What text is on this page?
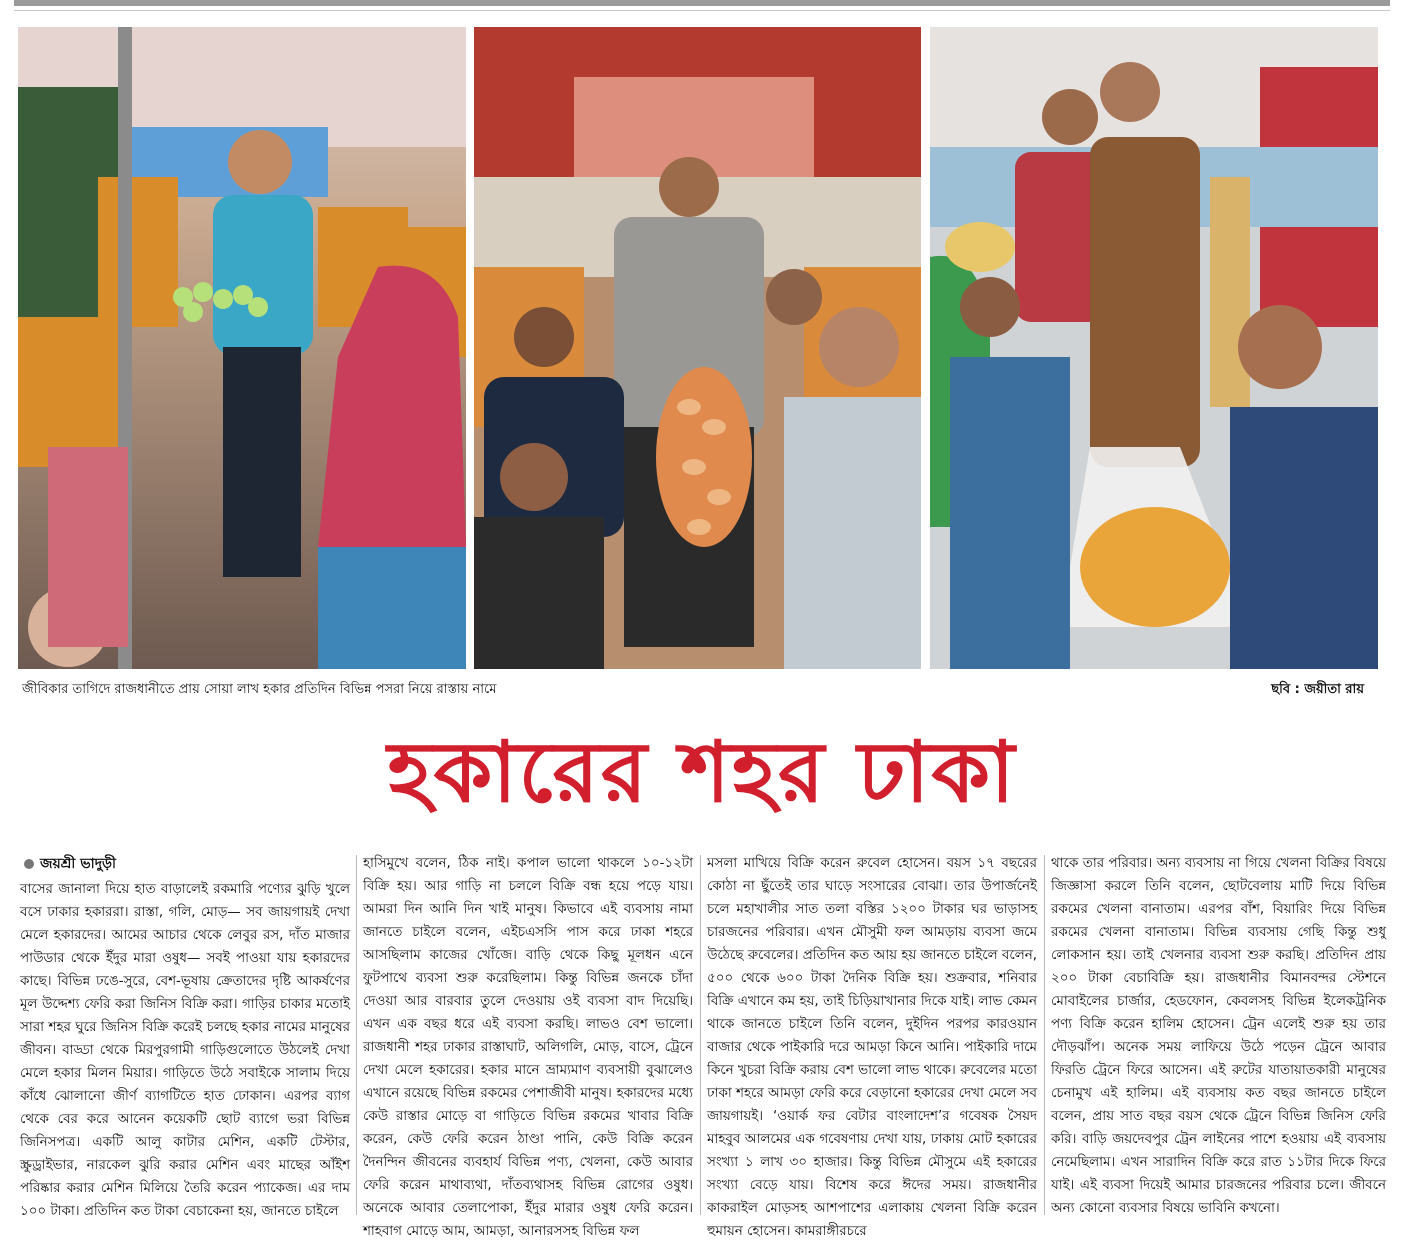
জীবিকার তাগিদে রাজধানীতে প্রায় সোয়া লাখ হকার প্রতিদিন বিভিন্ন পসরা নিয়ে রাস্তায় নামে	ছবি : জয়ীতা রায়
হকারের শহর ঢাকা
জয়শ্রী ভাদুড়ী
বাসের জানালা দিয়ে হাত বাড়ালেই রকমারি পণ্যের ঝুড়ি খুলে বসে ঢাকার হকাররা। রাস্তা, গলি, মোড়— সব জায়গায়ই দেখা মেলে হকারদের। আমের আচার থেকে লেবুর রস, দাঁত মাজার পাউডার থেকে ইঁদুর মারা ওষুধ— সবই পাওয়া যায় হকারদের কাছে। বিভিন্ন ঢঙে-সুরে, বেশ-ভূষায় ক্রেতাদের দৃষ্টি আকর্ষণের মূল উদ্দেশ্য ফেরি করা জিনিস বিক্রি করা। গাড়ির চাকার মতোই সারা শহর ঘুরে জিনিস বিক্রি করেই চলছে হকার নামের মানুষের জীবন। বাড্ডা থেকে মিরপুরগামী গাড়িগুলোতে উঠলেই দেখা মেলে হকার মিলন মিয়ার। গাড়িতে উঠে সবাইকে সালাম দিয়ে কাঁধে ঝোলানো জীর্ণ ব্যাগটিতে হাত ঢোকান। এরপর ব্যাগ থেকে বের করে আনেন কয়েকটি ছোট ব্যাগে ভরা বিভিন্ন জিনিসপত্র। একটি আলু কাটার মেশিন, একটি টেস্টার, স্ক্রুড্রাইভার, নারকেল ঝুরি করার মেশিন এবং মাছের আঁইশ পরিষ্কার করার মেশিন মিলিয়ে তৈরি করেন প্যাকেজ। এর দাম ১০০ টাকা। প্রতিদিন কত টাকা বেচাকেনা হয়, জানতে চাইলে
হাসিমুখে বলেন, ঠিক নাই। কপাল ভালো থাকলে ১০-১২টা বিক্রি হয়। আর গাড়ি না চললে বিক্রি বন্ধ হয়ে পড়ে যায়। আমরা দিন আনি দিন খাই মানুষ। কিভাবে এই ব্যবসায় নামা জানতে চাইলে বলেন, এইচএসসি পাস করে ঢাকা শহরে আসছিলাম কাজের খোঁজে। বাড়ি থেকে কিছু মূলধন এনে ফুটপাথে ব্যবসা শুরু করেছিলাম। কিন্তু বিভিন্ন জনকে চাঁদা দেওয়া আর বারবার তুলে দেওয়ায় ওই ব্যবসা বাদ দিয়েছি। এখন এক বছর ধরে এই ব্যবসা করছি। লাভও বেশ ভালো। রাজধানী শহর ঢাকার রাস্তাঘাট, অলিগলি, মোড়, বাসে, ট্রেনে দেখা মেলে হকারের। হকার মানে ভ্রাম্যমাণ ব্যবসায়ী বুঝালেও এখানে রয়েছে বিভিন্ন রকমের পেশাজীবী মানুষ। হকারদের মধ্যে কেউ রাস্তার মোড়ে বা গাড়িতে বিভিন্ন রকমের খাবার বিক্রি করেন, কেউ ফেরি করেন ঠাণ্ডা পানি, কেউ বিক্রি করেন দৈনন্দিন জীবনের ব্যবহার্য বিভিন্ন পণ্য, খেলনা, কেউ আবার ফেরি করেন মাথাব্যথা, দাঁতব্যথাসহ বিভিন্ন রোগের ওষুধ। অনেকে আবার তেলাপোকা, ইঁদুর মারার ওষুধ ফেরি করেন। শাহবাগ মোড়ে আম, আমড়া, আনারসসহ বিভিন্ন ফল
মসলা মাখিয়ে বিক্রি করেন রুবেল হোসেন। বয়স ১৭ বছরের কোঠা না ছুঁতেই তার ঘাড়ে সংসারের বোঝা। তার উপার্জনেই চলে মহাখালীর সাত তলা বস্তির ১২০০ টাকার ঘর ভাড়াসহ চারজনের পরিবার। এখন মৌসুমী ফল আমড়ায় ব্যবসা জমে উঠেছে রুবেলের। প্রতিদিন কত আয় হয় জানতে চাইলে বলেন, ৫০০ থেকে ৬০০ টাকা দৈনিক বিক্রি হয়। শুক্রবার, শনিবার বিক্রি এখানে কম হয়, তাই চিড়িয়াখানার দিকে যাই। লাভ কেমন থাকে জানতে চাইলে তিনি বলেন, দুইদিন পরপর কারওয়ান বাজার থেকে পাইকারি দরে আমড়া কিনে আনি। পাইকারি দামে কিনে খুচরা বিক্রি করায় বেশ ভালো লাভ থাকে। রুবেলের মতো ঢাকা শহরে আমড়া ফেরি করে বেড়ানো হকারের দেখা মেলে সব জায়গায়ই। ‘ওয়ার্ক ফর বেটার বাংলাদেশ’র গবেষক সৈয়দ মাহবুব আলমের এক গবেষণায় দেখা যায়, ঢাকায় মোট হকারের সংখ্যা ১ লাখ ৩০ হাজার। কিন্তু বিভিন্ন মৌসুমে এই হকারের সংখ্যা বেড়ে যায়। বিশেষ করে ঈদের সময়। রাজধানীর কাকরাইল মোড়সহ আশপাশের এলাকায় খেলনা বিক্রি করেন হুমায়ন হোসেন। কামরাঙ্গীরচরে
থাকে তার পরিবার। অন্য ব্যবসায় না গিয়ে খেলনা বিক্রির বিষয়ে জিজ্ঞাসা করলে তিনি বলেন, ছোটবেলায় মাটি দিয়ে বিভিন্ন রকমের খেলনা বানাতাম। এরপর বাঁশ, বিয়ারিং দিয়ে বিভিন্ন রকমের খেলনা বানাতাম। বিভিন্ন ব্যবসায় গেছি কিন্তু শুধু লোকসান হয়। তাই খেলনার ব্যবসা শুরু করছি। প্রতিদিন প্রায় ২০০ টাকা বেচাবিক্রি হয়। রাজধানীর বিমানবন্দর স্টেশনে মোবাইলের চার্জার, হেডফোন, কেবলসহ বিভিন্ন ইলেকট্রনিক পণ্য বিক্রি করেন হালিম হোসেন। ট্রেন এলেই শুরু হয় তার দৌড়ঝাঁপ। অনেক সময় লাফিয়ে উঠে পড়েন ট্রেনে আবার ফিরতি ট্রেনে ফিরে আসেন। এই রুটের যাতায়াতকারী মানুষের চেনামুখ এই হালিম। এই ব্যবসায় কত বছর জানতে চাইলে বলেন, প্রায় সাত বছর বয়স থেকে ট্রেনে বিভিন্ন জিনিস ফেরি করি। বাড়ি জয়দেবপুর ট্রেন লাইনের পাশে হওয়ায় এই ব্যবসায় নেমেছিলাম। এখন সারাদিন বিক্রি করে রাত ১১টার দিকে ফিরে যাই। এই ব্যবসা দিয়েই আমার চারজনের পরিবার চলে। জীবনে অন্য কোনো ব্যবসার বিষয়ে ভাবিনি কখনো।
